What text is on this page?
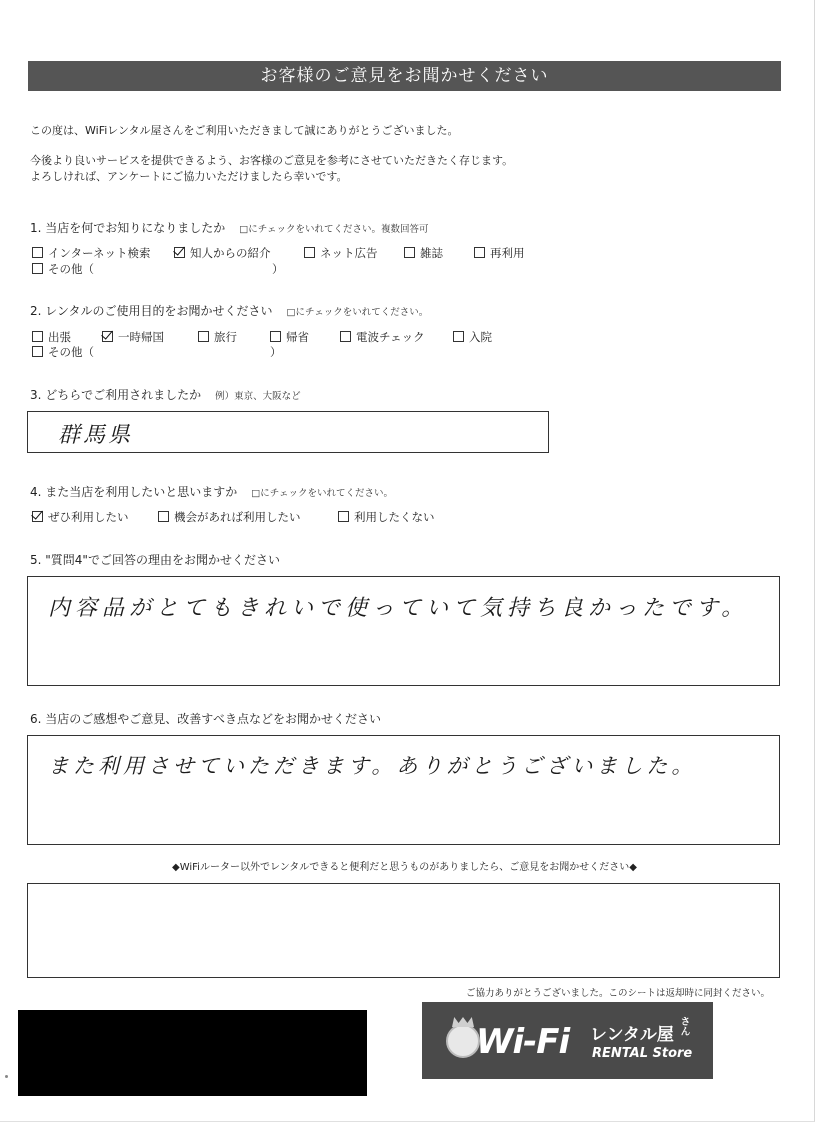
お客様のご意見をお聞かせください
この度は、WiFiレンタル屋さんをご利用いただきまして誠にありがとうございました。
今後より良いサービスを提供できるよう、お客様のご意見を参考にさせていただきたく存じます。
よろしければ、アンケートにご協力いただけましたら幸いです。
1. 当店を何でお知りになりましたか □にチェックをいれてください。複数回答可
インターネット検索	知人からの紹介	ネット広告	雑誌	再利用
その他（	）
2. レンタルのご使用目的をお聞かせください □にチェックをいれてください。
出張	一時帰国	旅行	帰省	電波チェック	入院
その他（	）
3. どちらでご利用されましたか 例）東京、大阪など
群馬県
4. また当店を利用したいと思いますか □にチェックをいれてください。
ぜひ利用したい	機会があれば利用したい	利用したくない
5. "質問4"でご回答の理由をお聞かせください
内容品がとてもきれいで使っていて気持ち良かったです。
6. 当店のご感想やご意見、改善すべき点などをお聞かせください
また利用させていただきます。ありがとうございました。
◆WiFiルーター以外でレンタルできると便利だと思うものがありましたら、ご意見をお聞かせください◆
ご協力ありがとうございました。このシートは返却時に同封ください。
Wi-Fi レンタル屋 さん
RENTAL Store
